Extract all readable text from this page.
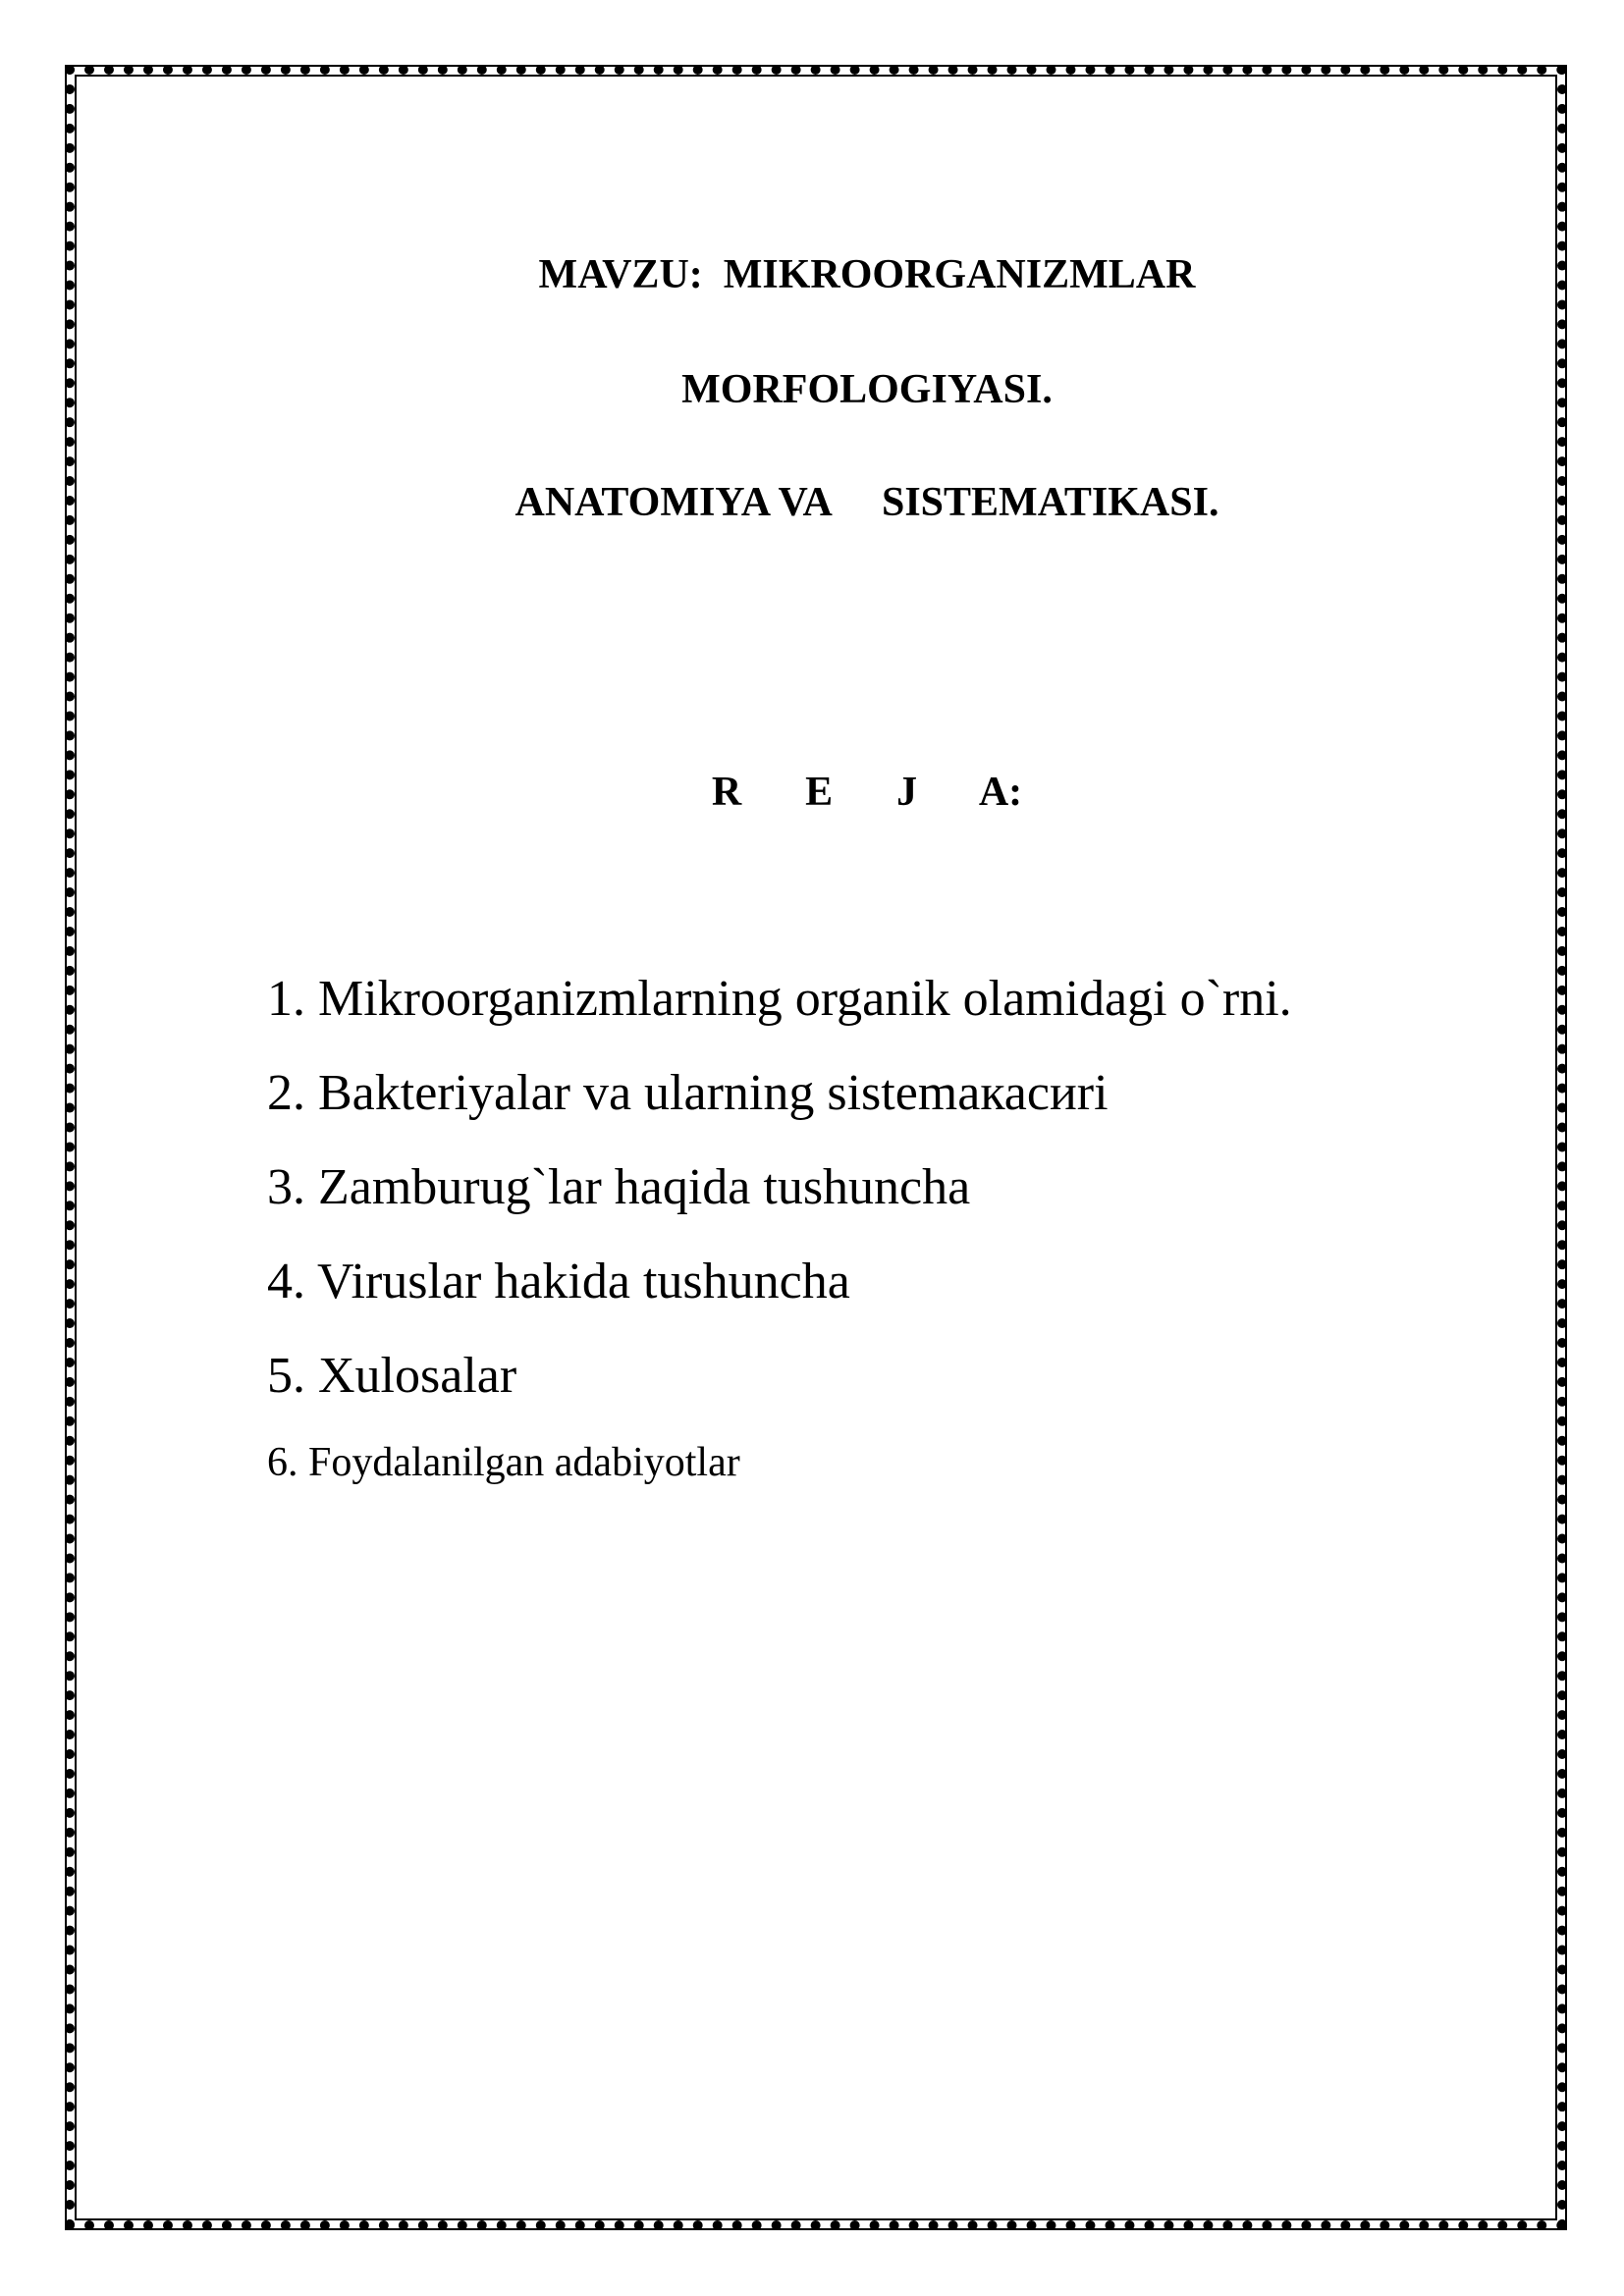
MAVZU:  MIKROORGANIZMLAR
MORFOLOGIYASI.
ANATOMIYA VA     SISTEMATIKASI.
R  E  J  A:
1. Mikroorganizmlarning organik olamidagi o`rni.
2. Bakteriyalar va ularning sistemaкасиri
3. Zamburug`lar haqida tushuncha
4. Viruslar hakida tushuncha
5. Xulosalar
6. Foydalanilgan adabiyotlar
